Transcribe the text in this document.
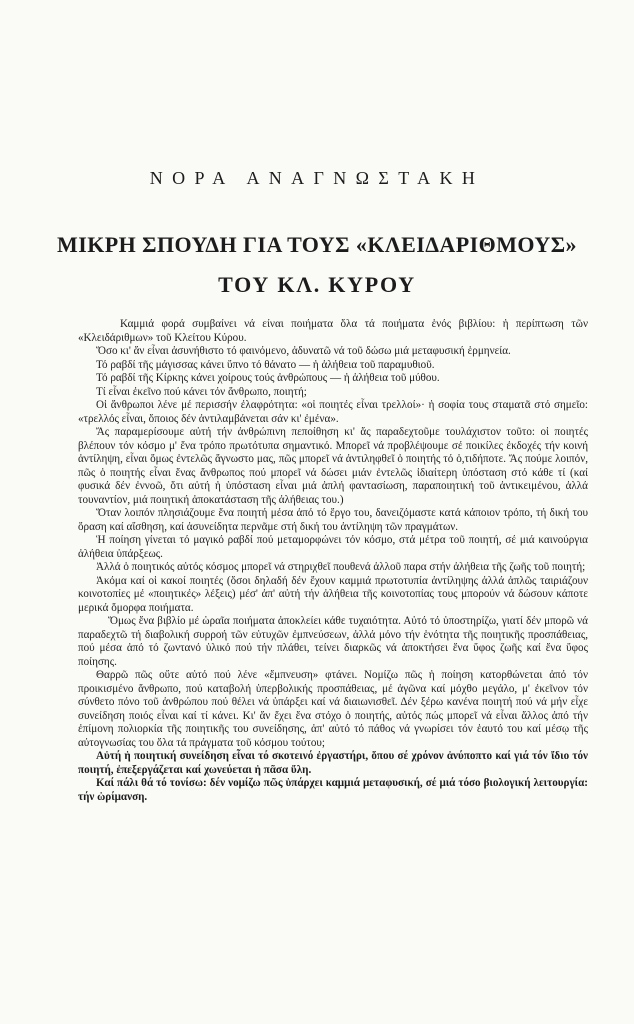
ΝΟΡΑ ΑΝΑΓΝΩΣΤΑΚΗ
ΜΙΚΡΗ ΣΠΟΥΔΗ ΓΙΑ ΤΟΥΣ «ΚΛΕΙΔΑΡΙΘΜΟΥΣ»
ΤΟΥ ΚΛ. ΚΥΡΟΥ

Καμμιά φορά συμβαίνει νά είναι ποιήματα ὅλα τά ποιήματα ἑνός βιβλίου: ἡ περίπτωση τῶν «Κλειδάριθμων» τοῦ Κλείτου Κύρου.

Ὅσο κι' ἄν εἶναι ἀσυνήθιστο τό φαινόμενο, ἀδυνατῶ νά τοῦ δώσω μιά μεταφυσική ἑρμηνεία.

Τό ραβδί τῆς μάγισσας κάνει ὕπνο τό θάνατο — ἡ ἀλήθεια τοῦ παραμυθιοῦ.

Τό ραβδί τῆς Κίρκης κάνει χοίρους τούς ἀνθρώπους — ἡ ἀλήθεια τοῦ μύθου.

Τί εἶναι ἐκεῖνο πού κάνει τόν ἄνθρωπο, ποιητή;

Οἱ ἄνθρωποι λένε μέ περισσήν ἐλαφρότητα: «οἱ ποιητές εἶναι τρελλοί»· ἡ σοφία τους σταματᾶ στό σημεῖο: «τρελλός εἶναι, ὅποιος δέν ἀντιλαμβάνεται σάν κι' ἐμένα».

Ἄς παραμερίσουμε αὐτή τήν ἀνθρώπινη πεποίθηση κι' ἄς παραδεχτοῦμε τουλάχιστον τοῦτο: οἱ ποιητές βλέπουν τόν κόσμο μ' ἕνα τρόπο πρωτότυπα σημαντικό. Μπορεῖ νά προβλέψουμε σέ ποικίλες ἐκδοχές τήν κοινή ἀντίληψη, εἶναι ὅμως ἐντελῶς ἄγνωστο μας, πῶς μπορεῖ νά ἀντιληφθεῖ ὁ ποιητής τό ὁ,τιδήποτε. Ἄς πούμε λοιπόν, πῶς ὁ ποιητής εἶναι ἕνας ἄνθρωπος πού μπορεῖ νά δώσει μιάν ἐντελῶς ἰδιαίτερη ὑπόσταση στό κάθε τί (καί φυσικά δέν ἐννοῶ, ὅτι αὐτή ἡ ὑπόσταση εἶναι μιά ἁπλή φαντασίωση, παραποιητική τοῦ ἀντικειμένου, ἀλλά τουναντίον, μιά ποιητική ἀποκατάσταση τῆς ἀλήθειας του.)

Ὅταν λοιπόν πλησιάζουμε ἕνα ποιητή μέσα ἀπό τό ἔργο του, δανειζόμαστε κατά κάποιον τρόπο, τή δική του ὅραση καί αἴσθηση, καί ἀσυνείδητα περνᾶμε στή δική του ἀντίληψη τῶν πραγμάτων.

Ἡ ποίηση γίνεται τό μαγικό ραβδί πού μεταμορφώνει τόν κόσμο, στά μέτρα τοῦ ποιητή, σέ μιά καινούργια ἀλήθεια ὑπάρξεως.

Ἀλλά ὁ ποιητικός αὐτός κόσμος μπορεῖ νά στηριχθεῖ πουθενά ἀλλοῦ παρα στήν ἀλήθεια τῆς ζωῆς τοῦ ποιητή;

Ἀκόμα καί οἱ κακοί ποιητές (ὅσοι δηλαδή δέν ἔχουν καμμιά πρωτοτυπία ἀντίληψης ἀλλά ἁπλῶς ταιριάζουν κοινοτοπίες μέ «ποιητικές» λέξεις) μέσ' ἀπ' αὐτή τήν ἀλήθεια τῆς κοινοτοπίας τους μπορούν νά δώσουν κάποτε μερικά ὄμορφα ποιήματα.

Ὅμως ἕνα βιβλίο μέ ὡραῖα ποιήματα ἀποκλείει κάθε τυχαιότητα. Αὐτό τό ὑποστηρίζω, γιατί δέν μπορῶ νά παραδεχτῶ τή διαβολική συρροή τῶν εὐτυχῶν ἐμπνεύσεων, ἀλλά μόνο τήν ἑνότητα τῆς ποιητικῆς προσπάθειας, πού μέσα ἀπό τό ζωντανό ὑλικό πού τήν πλάθει, τείνει διαρκῶς νά ἀποκτήσει ἕνα ὕφος ζωῆς καί ἕνα ὕφος ποίησης.

Θαρρῶ πῶς οὔτε αὐτό πού λένε «ἔμπνευση» φτάνει. Νομίζω πῶς ἡ ποίηση κατορθώνεται ἀπό τόν προικισμένο ἄνθρωπο, πού καταβολή ὑπερβολικής προσπάθειας, μέ ἀγῶνα καί μόχθο μεγάλο, μ' ἐκεῖνον τόν σύνθετο πόνο τοῦ ἀνθρώπου πού θέλει νά ὑπάρξει καί νά διαιωνισθεῖ. Δέν ξέρω κανένα ποιητή πού νά μήν εἶχε συνείδηση ποιός εἶναι καί τί κάνει. Κι' ἄν ἔχει ἕνα στόχο ὁ ποιητής, αὐτός πώς μπορεῖ νά εἶναι ἄλλος ἀπό τήν ἐπίμονη πολιορκία τῆς ποιητικῆς του συνείδησης, ἀπ' αὐτό τό πάθος νά γνωρίσει τόν ἑαυτό του καί μέσῳ τῆς αὐτογνωσίας του ὅλα τά πράγματα τοῦ κόσμου τούτου;

Αὐτή ἡ ποιητική συνείδηση εἶναι τό σκοτεινό ἐργαστήρι, ὅπου σέ χρόνον ἀνύποπτο καί γιά τόν ἴδιο τόν ποιητή, ἐπεξεργάζεται καί χωνεύεται ἡ πᾶσα ὕλη.

Καί πάλι θά τό τονίσω: δέν νομίζω πῶς ὑπάρχει καμμιά μεταφυσική, σέ μιά τόσο βιολογική λειτουργία: τήν ὡρίμανση.
